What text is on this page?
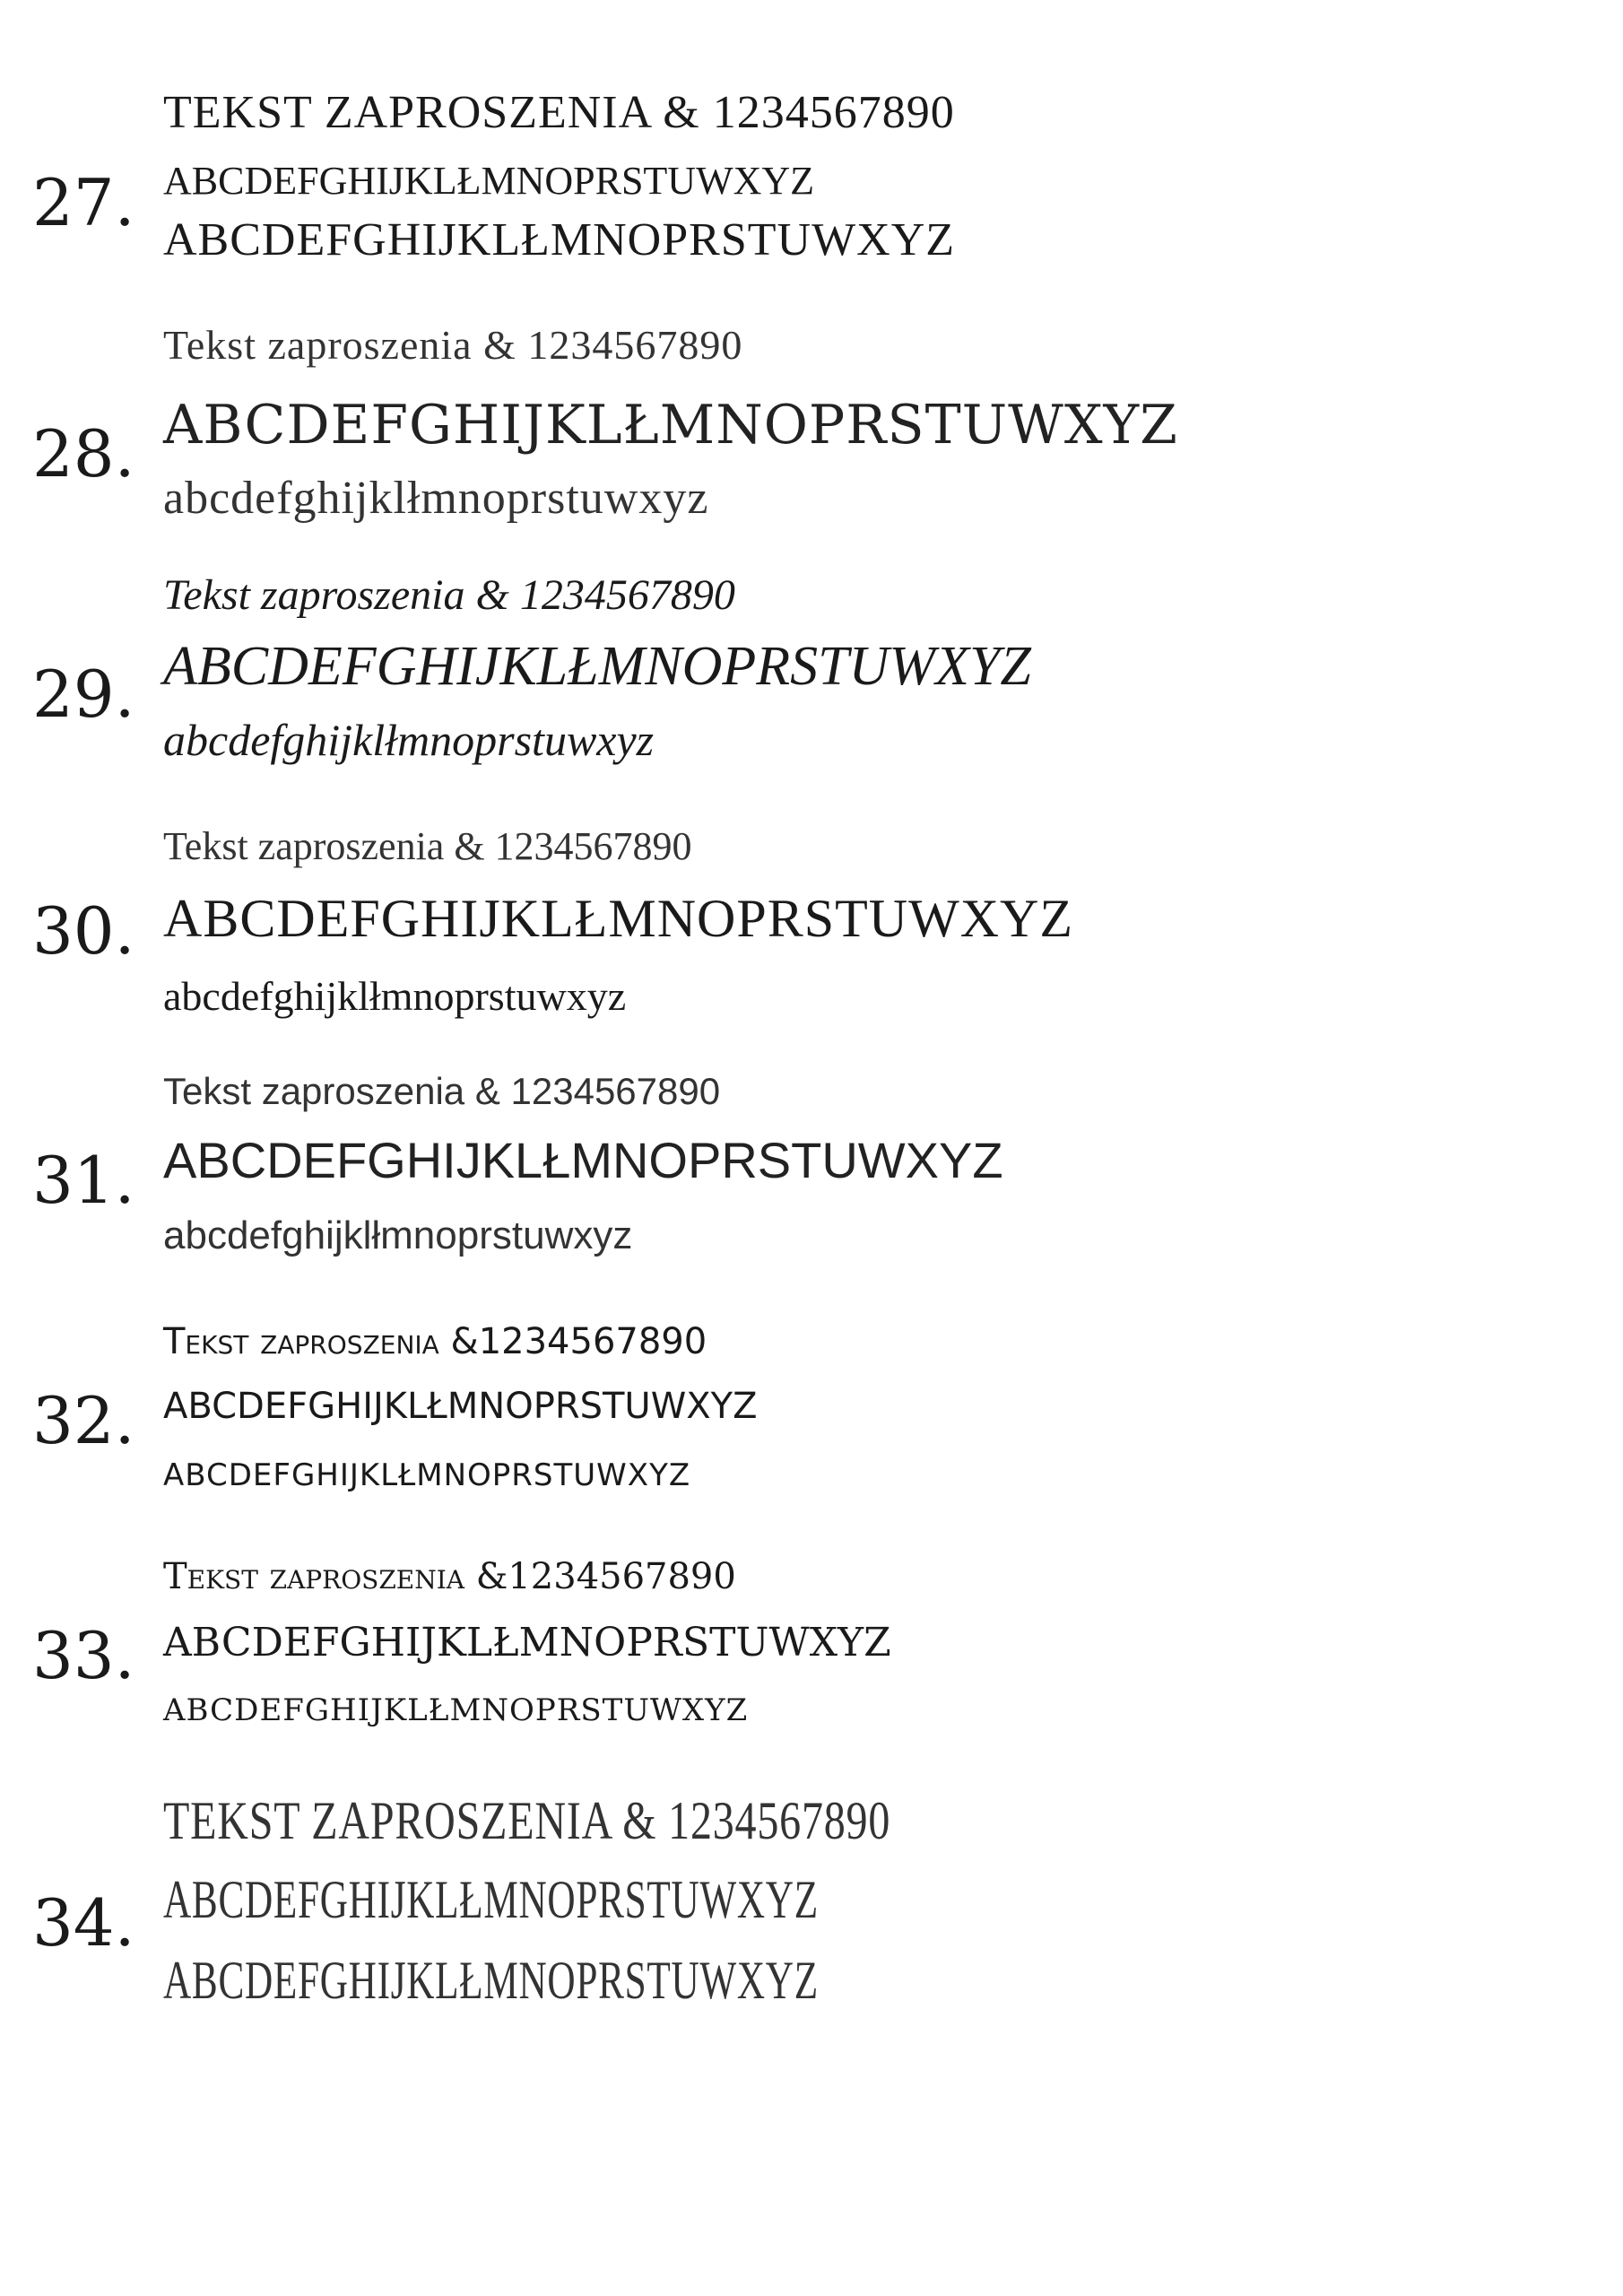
27.
TEKST ZAPROSZENIA & 1234567890
ABCDEFGHIJKLŁMNOPRSTUWXYZ
ABCDEFGHIJKLŁMNOPRSTUWXYZ
28.
Tekst zaproszenia & 1234567890
ABCDEFGHIJKLŁMNOPRSTUWXYZ
abcdefghijklłmnoprstuwxyz
29.
Tekst zaproszenia & 1234567890
ABCDEFGHIJKLŁMNOPRSTUWXYZ
abcdefghijklłmnoprstuwxyz
30.
Tekst zaproszenia & 1234567890
ABCDEFGHIJKLŁMNOPRSTUWXYZ
abcdefghijklłmnoprstuwxyz
31.
Tekst zaproszenia & 1234567890
ABCDEFGHIJKLŁMNOPRSTUWXYZ
abcdefghijklłmnoprstuwxyz
32.
Tekst zaproszenia &1234567890
ABCDEFGHIJKLŁMNOPRSTUWXYZ
ABCDEFGHIJKLŁMNOPRSTUWXYZ
33.
Tekst zaproszenia &1234567890
ABCDEFGHIJKLŁMNOPRSTUWXYZ
ABCDEFGHIJKLŁMNOPRSTUWXYZ
34.
TEKST ZAPROSZENIA & 1234567890
ABCDEFGHIJKLŁMNOPRSTUWXYZ
ABCDEFGHIJKLŁMNOPRSTUWXYZ
